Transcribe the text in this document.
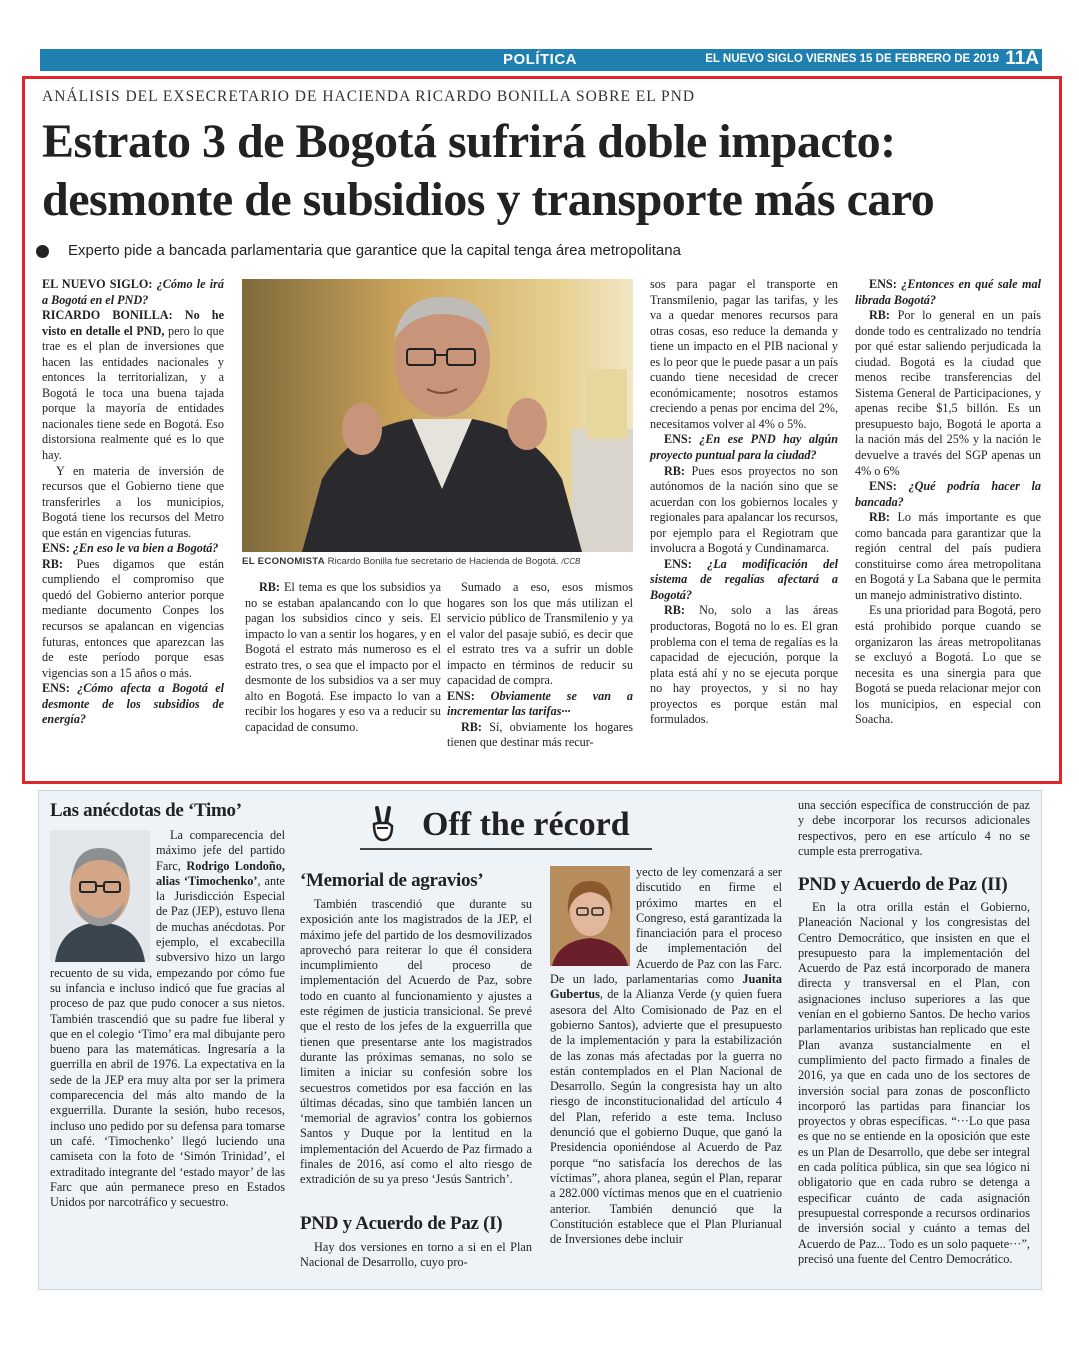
POLÍTICA	EL NUEVO SIGLO VIERNES 15 DE FEBRERO DE 2019 11A
ANÁLISIS DEL EXSECRETARIO DE HACIENDA RICARDO BONILLA SOBRE EL PND
Estrato 3 de Bogotá sufrirá doble impacto:
desmonte de subsidios y transporte más caro
Experto pide a bancada parlamentaria que garantice que la capital tenga área metropolitana
EL ECONOMISTA Ricardo Bonilla fue secretario de Hacienda de Bogotá. /CCB

EL NUEVO SIGLO: ¿Cómo le irá a Bogotá en el PND?

RICARDO BONILLA: No he visto en detalle el PND, pero lo que trae es el plan de inversiones que hacen las entidades nacionales y entonces la territorializan, y a Bogotá le toca una buena tajada porque la mayoría de entidades nacionales tiene sede en Bogotá. Eso distorsiona realmente qué es lo que hay.

Y en materia de inversión de recursos que el Gobierno tiene que transferirles a los municipios, Bogotá tiene los recursos del Metro que están en vigencias futuras.

ENS: ¿En eso le va bien a Bogotá?

RB: Pues digamos que están cumpliendo el compromiso que quedó del Gobierno anterior porque mediante documento Conpes los recursos se apalancan en vigencias futuras, entonces que aparezcan las de este período porque esas vigencias son a 15 años o más.

ENS: ¿Cómo afecta a Bogotá el desmonte de los subsidios de energía?

RB: El tema es que los subsidios ya no se estaban apalancando con lo que pagan los subsidios cinco y seis. El impacto lo van a sentir los hogares, y en Bogotá el estrato más numeroso es el estrato tres, o sea que el impacto por el desmonte de los subsidios va a ser muy alto en Bogotá. Ese impacto lo van a recibir los hogares y eso va a reducir su capacidad de consumo.

Sumado a eso, esos mismos hogares son los que más utilizan el servicio público de Transmilenio y ya el valor del pasaje subió, es decir que el estrato tres va a sufrir un doble impacto en términos de reducir su capacidad de compra.

ENS: Obviamente se van a incrementar las tarifas···

RB: Sí, obviamente los hogares tienen que destinar más recur-

sos para pagar el transporte en Transmilenio, pagar las tarifas, y les va a quedar menores recursos para otras cosas, eso reduce la demanda y tiene un impacto en el PIB nacional y es lo peor que le puede pasar a un país cuando tiene necesidad de crecer económicamente; nosotros estamos creciendo a penas por encima del 2%, necesitamos volver al 4% o 5%.

ENS: ¿En ese PND hay algún proyecto puntual para la ciudad?

RB: Pues esos proyectos no son autónomos de la nación sino que se acuerdan con los gobiernos locales y regionales para apalancar los recursos, por ejemplo para el Regiotram que involucra a Bogotá y Cundinamarca.

ENS: ¿La modificación del sistema de regalías afectará a Bogotá?

RB: No, solo a las áreas productoras, Bogotá no lo es. El gran problema con el tema de regalías es la capacidad de ejecución, porque la plata está ahí y no se ejecuta porque no hay proyectos, y si no hay proyectos es porque están mal formulados.

ENS: ¿Entonces en qué sale mal librada Bogotá?

RB: Por lo general en un país donde todo es centralizado no tendría por qué estar saliendo perjudicada la ciudad. Bogotá es la ciudad que menos recibe transferencias del Sistema General de Participaciones, y apenas recibe $1,5 billón. Es un presupuesto bajo, Bogotá le aporta a la nación más del 25% y la nación le devuelve a través del SGP apenas un 4% o 6%

ENS: ¿Qué podría hacer la bancada?

RB: Lo más importante es que como bancada para garantizar que la región central del país pudiera constituirse como área metropolitana en Bogotá y La Sabana que le permita un manejo administrativo distinto.

Es una prioridad para Bogotá, pero está prohibido porque cuando se organizaron las áreas metropolitanas se excluyó a Bogotá. Lo que se necesita es una sinergia para que Bogotá se pueda relacionar mejor con los municipios, en especial con Soacha.

Off the récord
Las anécdotas de ‘Timo’

La comparecencia del máximo jefe del partido Farc, Rodrigo Londoño, alias ‘Timochenko’, ante la Jurisdicción Especial de Paz (JEP), estuvo llena de muchas anécdotas. Por ejemplo, el excabecilla subversivo hizo un largo recuento de su vida, empezando por cómo fue su infancia e incluso indicó que fue gracias al proceso de paz que pudo conocer a sus nietos. También trascendió que su padre fue liberal y que en el colegio ‘Timo’ era mal dibujante pero bueno para las matemáticas. Ingresaría a la guerrilla en abril de 1976. La expectativa en la sede de la JEP era muy alta por ser la primera comparecencia del más alto mando de la exguerrilla. Durante la sesión, hubo recesos, incluso uno pedido por su defensa para tomarse un café. ‘Timochenko’ llegó luciendo una camiseta con la foto de ‘Simón Trinidad’, el extraditado integrante del ‘estado mayor’ de las Farc que aún permanece preso en Estados Unidos por narcotráfico y secuestro.

‘Memorial de agravios’

También trascendió que durante su exposición ante los magistrados de la JEP, el máximo jefe del partido de los desmovilizados aprovechó para reiterar lo que él considera incumplimiento del proceso de implementación del Acuerdo de Paz, sobre todo en cuanto al funcionamiento y ajustes a este régimen de justicia transicional. Se prevé que el resto de los jefes de la exguerrilla que tienen que presentarse ante los magistrados durante las próximas semanas, no solo se limiten a iniciar su confesión sobre los secuestros cometidos por esa facción en las últimas décadas, sino que también lancen un ‘memorial de agravios’ contra los gobiernos Santos y Duque por la lentitud en la implementación del Acuerdo de Paz firmado a finales de 2016, así como el alto riesgo de extradición de su ya preso ‘Jesús Santrich’.

PND y Acuerdo de Paz (I)

Hay dos versiones en torno a si en el Plan Nacional de Desarrollo, cuyo pro-

yecto de ley comenzará a ser discutido en firme el próximo martes en el Congreso, está garantizada la financiación para el proceso de implementación del Acuerdo de Paz con las Farc. De un lado, parlamentarias como Juanita Gubertus, de la Alianza Verde (y quien fuera asesora del Alto Comisionado de Paz en el gobierno Santos), advierte que el presupuesto de la implementación y para la estabilización de las zonas más afectadas por la guerra no están contemplados en el Plan Nacional de Desarrollo. Según la congresista hay un alto riesgo de inconstitucionalidad del artículo 4 del Plan, referido a este tema. Incluso denunció que el gobierno Duque, que ganó la Presidencia oponiéndose al Acuerdo de Paz porque “no satisfacía los derechos de las víctimas”, ahora planea, según el Plan, reparar a 282.000 víctimas menos que en el cuatrienio anterior. También denunció que la Constitución establece que el Plan Plurianual de Inversiones debe incluir

una sección específica de construcción de paz y debe incorporar los recursos adicionales respectivos, pero en ese artículo 4 no se cumple esta prerrogativa.

PND y Acuerdo de Paz (II)

En la otra orilla están el Gobierno, Planeación Nacional y los congresistas del Centro Democrático, que insisten en que el presupuesto para la implementación del Acuerdo de Paz está incorporado de manera directa y transversal en el Plan, con asignaciones incluso superiores a las que venían en el gobierno Santos. De hecho varios parlamentarios uribistas han replicado que este Plan avanza sustancialmente en el cumplimiento del pacto firmado a finales de 2016, ya que en cada uno de los sectores de inversión social para zonas de posconflicto incorporó las partidas para financiar los proyectos y obras específicas. “···Lo que pasa es que no se entiende en la oposición que este es un Plan de Desarrollo, que debe ser integral en cada política pública, sin que sea lógico ni obligatorio que en cada rubro se detenga a especificar cuánto de cada asignación presupuestal corresponde a recursos ordinarios de inversión social y cuánto a temas del Acuerdo de Paz... Todo es un solo paquete···”, precisó una fuente del Centro Democrático.
